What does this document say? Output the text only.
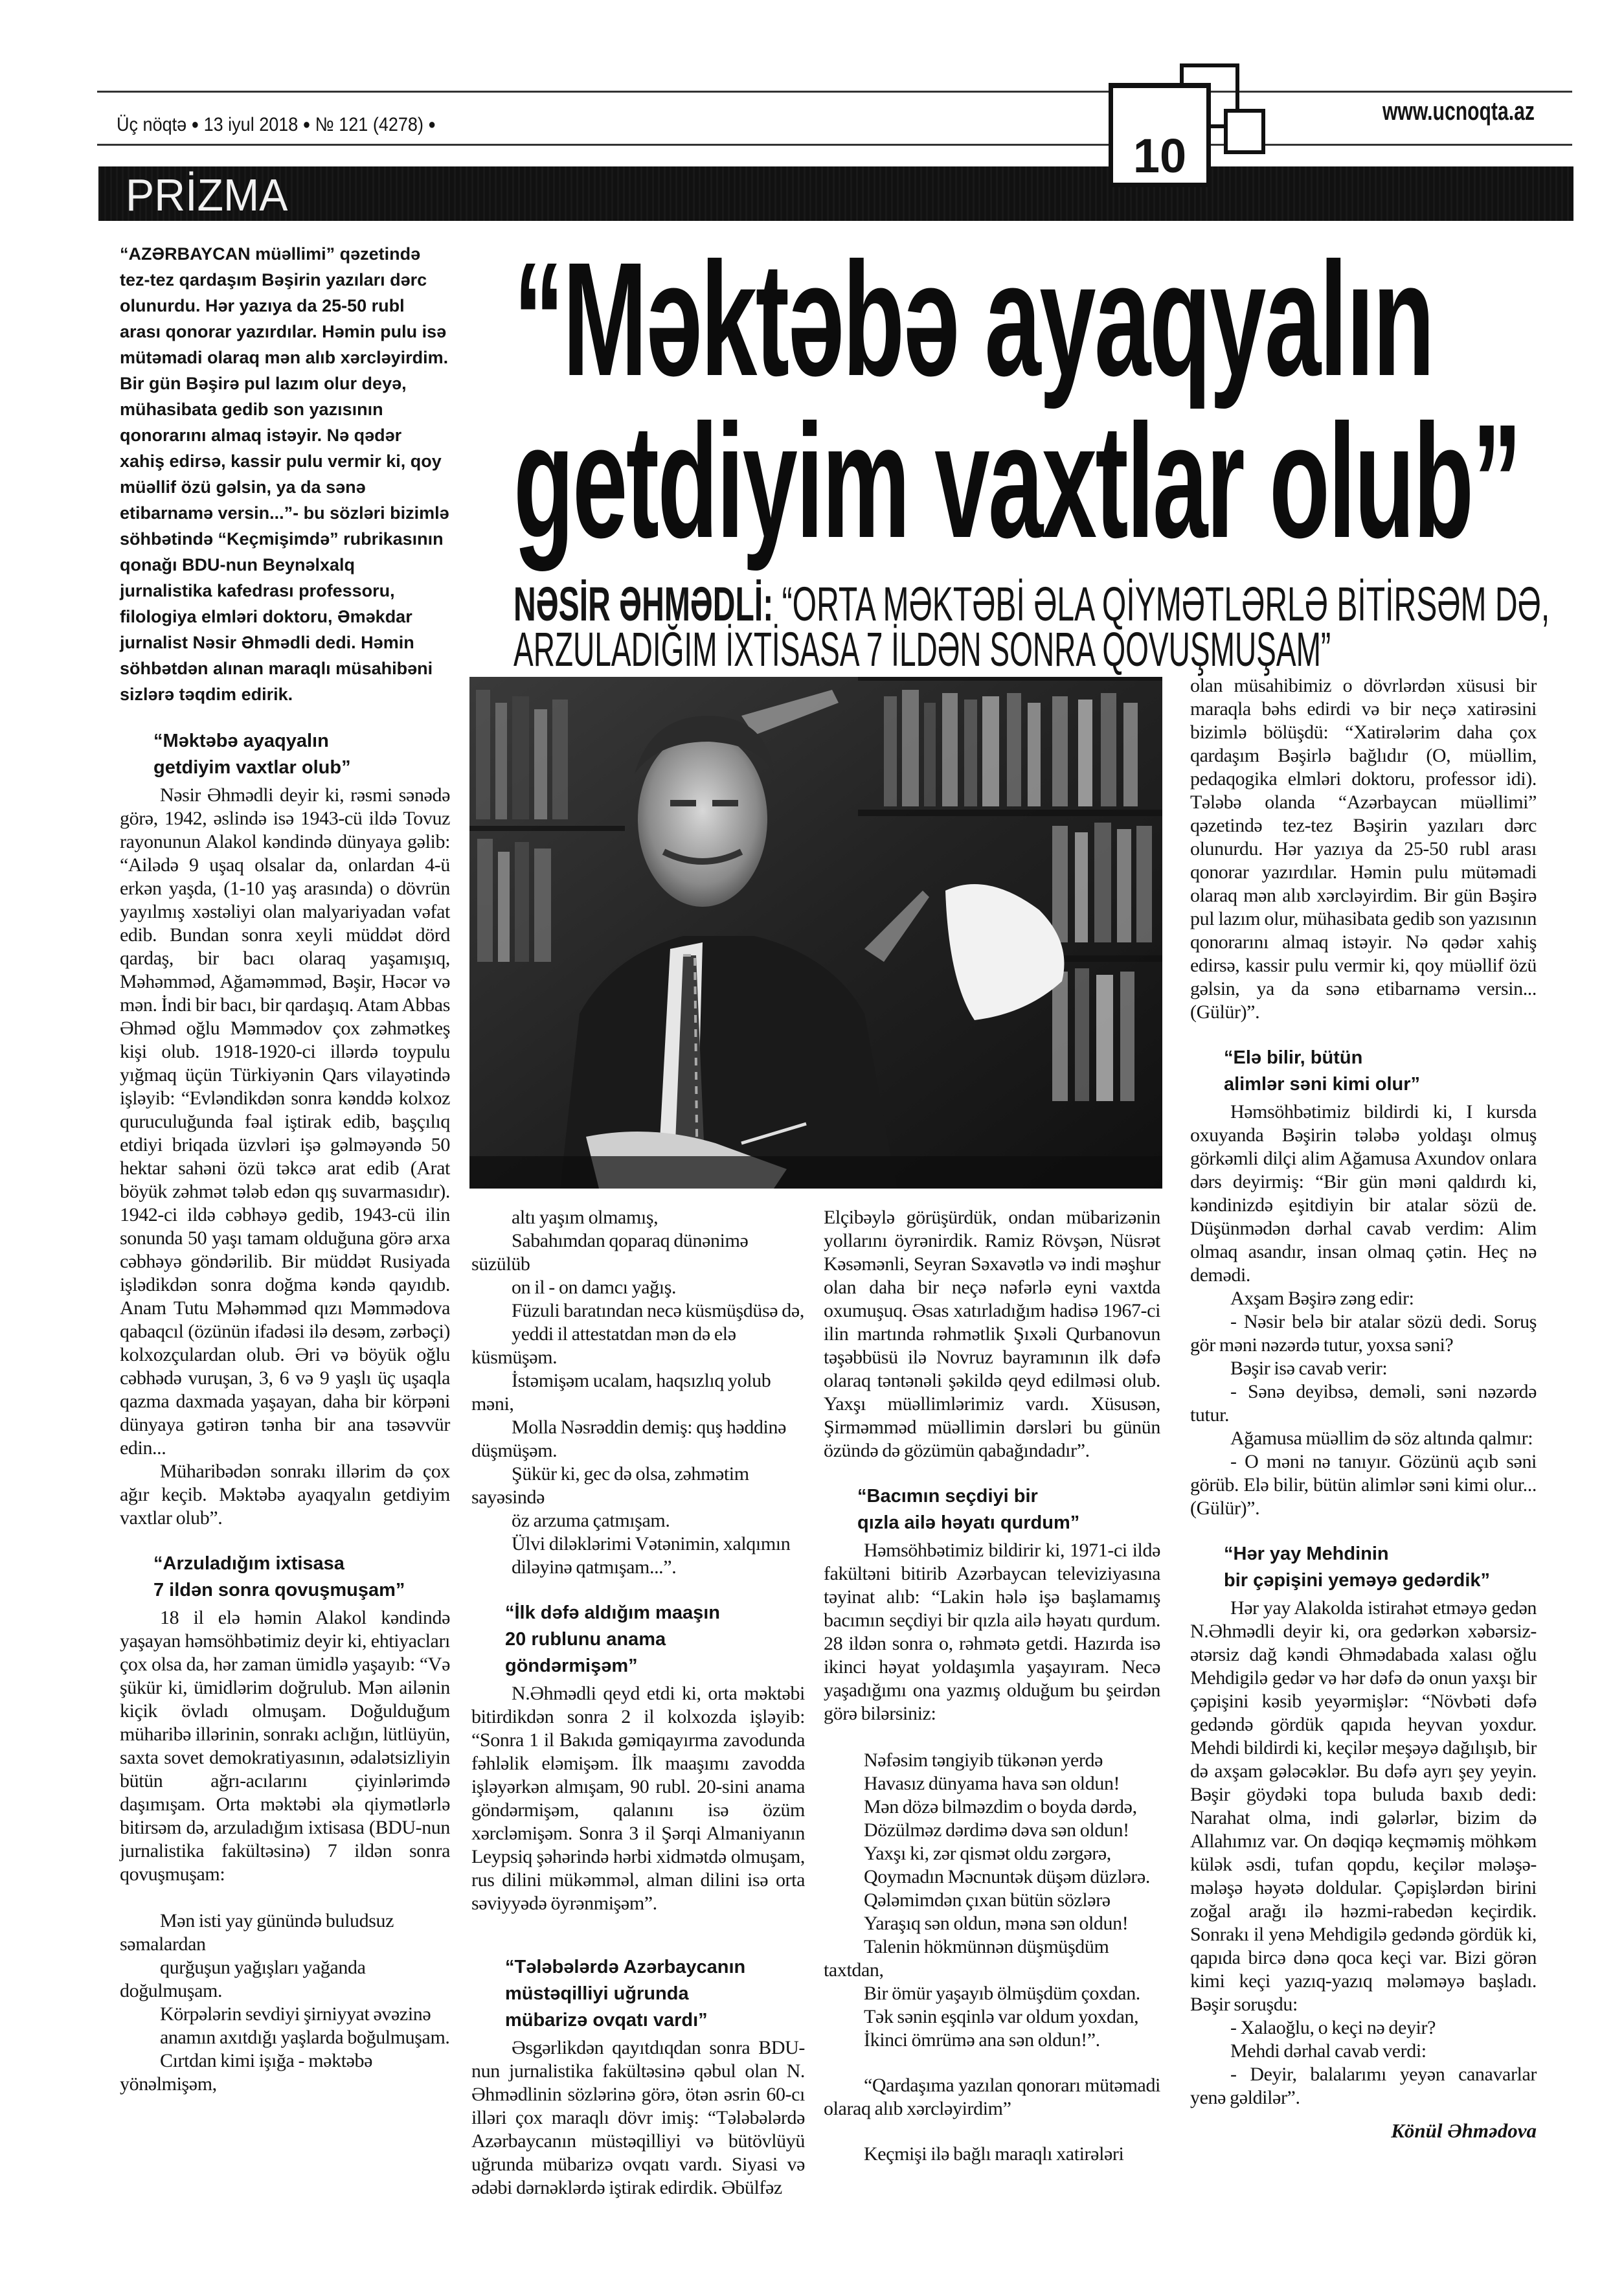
Üç nöqtə ● 13 iyul 2018 ● № 121 (4278) ●	www.ucnoqta.az
PRİZMA
10
“Məktəbə ayaqyalın
getdiyim vaxtlar olub”
NƏSİR ƏHMƏDLİ: “ORTA MƏKTƏBİ ƏLA QİYMƏTLƏRLƏ BİTİRSƏM DƏ,
ARZULADIĞIM İXTİSASA 7 İLDƏN SONRA QOVUŞMUŞAM”
“AZƏRBAYCAN müəllimi” qəzetində tez-tez qardaşım Bəşirin yazıları dərc olunurdu. Hər yazıya da 25-50 rubl arası qonorar yazırdılar. Həmin pulu isə mütəmadi olaraq mən alıb xərcləyirdim. Bir gün Bəşirə pul lazım olur deyə, mühasibata gedib son yazısının qonorarını almaq istəyir. Nə qədər xahiş edirsə, kassir pulu vermir ki, qoy müəllif özü gəlsin, ya da sənə etibarnamə versin...”- bu sözləri bizimlə söhbətində “Keçmişimdə” rubrikasının qonağı BDU-nun Beynəlxalq jurnalistika kafedrası professoru, filologiya elmləri doktoru, Əməkdar jurnalist Nəsir Əhmədli dedi. Həmin söhbətdən alınan maraqlı müsahibəni sizlərə təqdim edirik.
“Məktəbə ayaqyalın
getdiyim vaxtlar olub”

Nəsir Əhmədli deyir ki, rəsmi sənədə görə, 1942, əslində isə 1943-cü ildə Tovuz rayonunun Alakol kəndində dünyaya gəlib: “Ailədə 9 uşaq olsalar da, onlardan 4-ü erkən yaşda, (1-10 yaş arasında) o dövrün yayılmış xəstəliyi olan malyariyadan vəfat edib. Bundan sonra xeyli müddət dörd qardaş, bir bacı olaraq yaşamışıq, Məhəmməd, Ağaməmməd, Bəşir, Həcər və mən. İndi bir bacı, bir qardaşıq. Atam Abbas Əhməd oğlu Məmmədov çox zəhmətkeş kişi olub. 1918-1920-ci illərdə toypulu yığmaq üçün Türkiyənin Qars vilayətində işləyib: “Evləndikdən sonra kənddə kolxoz quruculuğunda fəal iştirak edib, başçılıq etdiyi briqada üzvləri işə gəlməyəndə 50 hektar sahəni özü təkcə arat edib (Arat böyük zəhmət tələb edən qış suvarmasıdır). 1942-ci ildə cəbhəyə gedib, 1943-cü ilin sonunda 50 yaşı tamam olduğuna görə arxa cəbhəyə göndərilib. Bir müddət Rusiyada işlədikdən sonra doğma kəndə qayıdıb. Anam Tutu Məhəmməd qızı Məmmədova qabaqcıl (özünün ifadəsi ilə desəm, zərbəçi) kolxozçulardan olub. Əri və böyük oğlu cəbhədə vuruşan, 3, 6 və 9 yaşlı üç uşaqla qazma daxmada yaşayan, daha bir körpəni dünyaya gətirən tənha bir ana təsəvvür edin...

Müharibədən sonrakı illərim də çox ağır keçib. Məktəbə ayaqyalın getdiyim vaxtlar olub”.

“Arzuladığım ixtisasa
7 ildən sonra qovuşmuşam”

18 il elə həmin Alakol kəndində yaşayan həmsöhbətimiz deyir ki, ehtiyacları çox olsa da, hər zaman ümidlə yaşayıb: “Və şükür ki, ümidlərim doğrulub. Mən ailənin kiçik övladı olmuşam. Doğulduğum müharibə illərinin, sonrakı aclığın, lütlüyün, saxta sovet demokratiyasının, ədalətsizliyin bütün ağrı-acılarını çiyinlərimdə daşımışam. Orta məktəbi əla qiymətlərlə bitirsəm də, arzuladığım ixtisasa (BDU-nun jurnalistika fakültəsinə) 7 ildən sonra qovuşmuşam:

Mən isti yay günündə buludsuz səmalardan
qurğuşun yağışları yağanda doğulmuşam.
Körpələrin sevdiyi şirniyyat əvəzinə
anamın axıtdığı yaşlarda boğulmuşam.
Cırtdan kimi işığa - məktəbə yönəlmişəm,
altı yaşım olmamış,
Sabahımdan qoparaq dünənimə süzülüb
on il - on damcı yağış.
Füzuli baratından necə küsmüşdüsə də,
yeddi il attestatdan mən də elə küsmüşəm.
İstəmişəm ucalam, haqsızlıq yolub məni,
Molla Nəsrəddin demiş: quş həddinə düşmüşəm.
Şükür ki, gec də olsa, zəhmətim sayəsində
öz arzuma çatmışam.
Ülvi diləklərimi Vətənimin, xalqımın
diləyinə qatmışam...”.
“İlk dəfə aldığım maaşın
20 rublunu anama
göndərmişəm”

N.Əhmədli qeyd etdi ki, orta məktəbi bitirdikdən sonra 2 il kolxozda işləyib: “Sonra 1 il Bakıda gəmiqayırma zavodunda fəhləlik eləmişəm. İlk maaşımı zavodda işləyərkən almışam, 90 rubl. 20-sini anama göndərmişəm, qalanını isə özüm xərcləmişəm. Sonra 3 il Şərqi Almaniyanın Leypsiq şəhərində hərbi xidmətdə olmuşam, rus dilini mükəmməl, alman dilini isə orta səviyyədə öyrənmişəm”.

“Tələbələrdə Azərbaycanın
müstəqilliyi uğrunda
mübarizə ovqatı vardı”

Əsgərlikdən qayıtdıqdan sonra BDU-nun jurnalistika fakültəsinə qəbul olan N. Əhmədlinin sözlərinə görə, ötən əsrin 60-cı illəri çox maraqlı dövr imiş: “Tələbələrdə Azərbaycanın müstəqilliyi və bütövlüyü uğrunda mübarizə ovqatı vardı. Siyasi və ədəbi dərnəklərdə iştirak edirdik. Əbülfəz

Elçibəylə görüşürdük, ondan mübarizənin yollarını öyrənirdik. Ramiz Rövşən, Nüsrət Kəsəmənli, Seyran Səxavətlə və indi məşhur olan daha bir neçə nəfərlə eyni vaxtda oxumuşuq. Əsas xatırladığım hadisə 1967-ci ilin martında rəhmətlik Şıxəli Qurbanovun təşəbbüsü ilə Novruz bayramının ilk dəfə olaraq təntənəli şəkildə qeyd edilməsi olub. Yaxşı müəllimlərimiz vardı. Xüsusən, Şirməmməd müəllimin dərsləri bu günün özündə də gözümün qabağındadır”.

“Bacımın seçdiyi bir
qızla ailə həyatı qurdum”

Həmsöhbətimiz bildirir ki, 1971-ci ildə fakültəni bitirib Azərbaycan televiziyasına təyinat alıb: “Lakin hələ işə başlamamış bacımın seçdiyi bir qızla ailə həyatı qurdum. 28 ildən sonra o, rəhmətə getdi. Hazırda isə ikinci həyat yoldaşımla yaşayıram. Necə yaşadığımı ona yazmış olduğum bu şeirdən görə bilərsiniz:

Nəfəsim təngiyib tükənən yerdə
Havasız dünyama hava sən oldun!
Mən dözə bilməzdim o boyda dərdə,
Dözülməz dərdimə dəva sən oldun!
Yaxşı ki, zər qismət oldu zərgərə,
Qoymadın Məcnuntək düşəm düzlərə.
Qələmimdən çıxan bütün sözlərə
Yaraşıq sən oldun, məna sən oldun!
Talenin hökmünnən düşmüşdüm taxtdan,
Bir ömür yaşayıb ölmüşdüm çoxdan.
Tək sənin eşqinlə var oldum yoxdan,
İkinci ömrümə ana sən oldun!”.

“Qardaşıma yazılan qonorarı mütəmadi olaraq alıb xərcləyirdim”

Keçmişi ilə bağlı maraqlı xatirələri

olan müsahibimiz o dövrlərdən xüsusi bir maraqla bəhs edirdi və bir neçə xatirəsini bizimlə bölüşdü: “Xatirələrim daha çox qardaşım Bəşirlə bağlıdır (O, müəllim, pedaqogika elmləri doktoru, professor idi). Tələbə olanda “Azərbaycan müəllimi” qəzetində tez-tez Bəşirin yazıları dərc olunurdu. Hər yazıya da 25-50 rubl arası qonorar yazırdılar. Həmin pulu mütəmadi olaraq mən alıb xərcləyirdim. Bir gün Bəşirə pul lazım olur, mühasibata gedib son yazısının qonorarını almaq istəyir. Nə qədər xahiş edirsə, kassir pulu vermir ki, qoy müəllif özü gəlsin, ya da sənə etibarnamə versin...(Gülür)”.

“Elə bilir, bütün
alimlər səni kimi olur”

Həmsöhbətimiz bildirdi ki, I kursda oxuyanda Bəşirin tələbə yoldaşı olmuş görkəmli dilçi alim Ağamusa Axundov onlara dərs deyirmiş: “Bir gün məni qaldırdı ki, kəndinizdə eşitdiyin bir atalar sözü de. Düşünmədən dərhal cavab verdim: Alim olmaq asandır, insan olmaq çətin. Heç nə demədi.

Axşam Bəşirə zəng edir:

- Nəsir belə bir atalar sözü dedi. Soruş gör məni nəzərdə tutur, yoxsa səni?

Bəşir isə cavab verir:

- Sənə deyibsə, deməli, səni nəzərdə tutur.

Ağamusa müəllim də söz altında qalmır:

- O məni nə tanıyır. Gözünü açıb səni görüb. Elə bilir, bütün alimlər səni kimi olur...(Gülür)”.

“Hər yay Mehdinin
bir çəpişini yeməyə gedərdik”

Hər yay Alakolda istirahət etməyə gedən N.Əhmədli deyir ki, ora gedərkən xəbərsiz-ətərsiz dağ kəndi Əhmədabada xalası oğlu Mehdigilə gedər və hər dəfə də onun yaxşı bir çəpişini kəsib yeyərmişlər: “Növbəti dəfə gedəndə gördük qapıda heyvan yoxdur. Mehdi bildirdi ki, keçilər meşəyə dağılışıb, bir də axşam gələcəklər. Bu dəfə ayrı şey yeyin. Bəşir göydəki topa buluda baxıb dedi: Narahat olma, indi gələrlər, bizim də Allahımız var. On dəqiqə keçməmiş möhkəm külək əsdi, tufan qopdu, keçilər mələşə-mələşə həyətə doldular. Çəpişlərdən birini zoğal arağı ilə həzmi-rabedən keçirdik. Sonrakı il yenə Mehdigilə gedəndə gördük ki, qapıda bircə dənə qoca keçi var. Bizi görən kimi keçi yazıq-yazıq mələməyə başladı. Bəşir soruşdu:

- Xalaoğlu, o keçi nə deyir?

Mehdi dərhal cavab verdi:

- Deyir, balalarımı yeyən canavarlar yenə gəldilər”.

Könül Əhmədova
